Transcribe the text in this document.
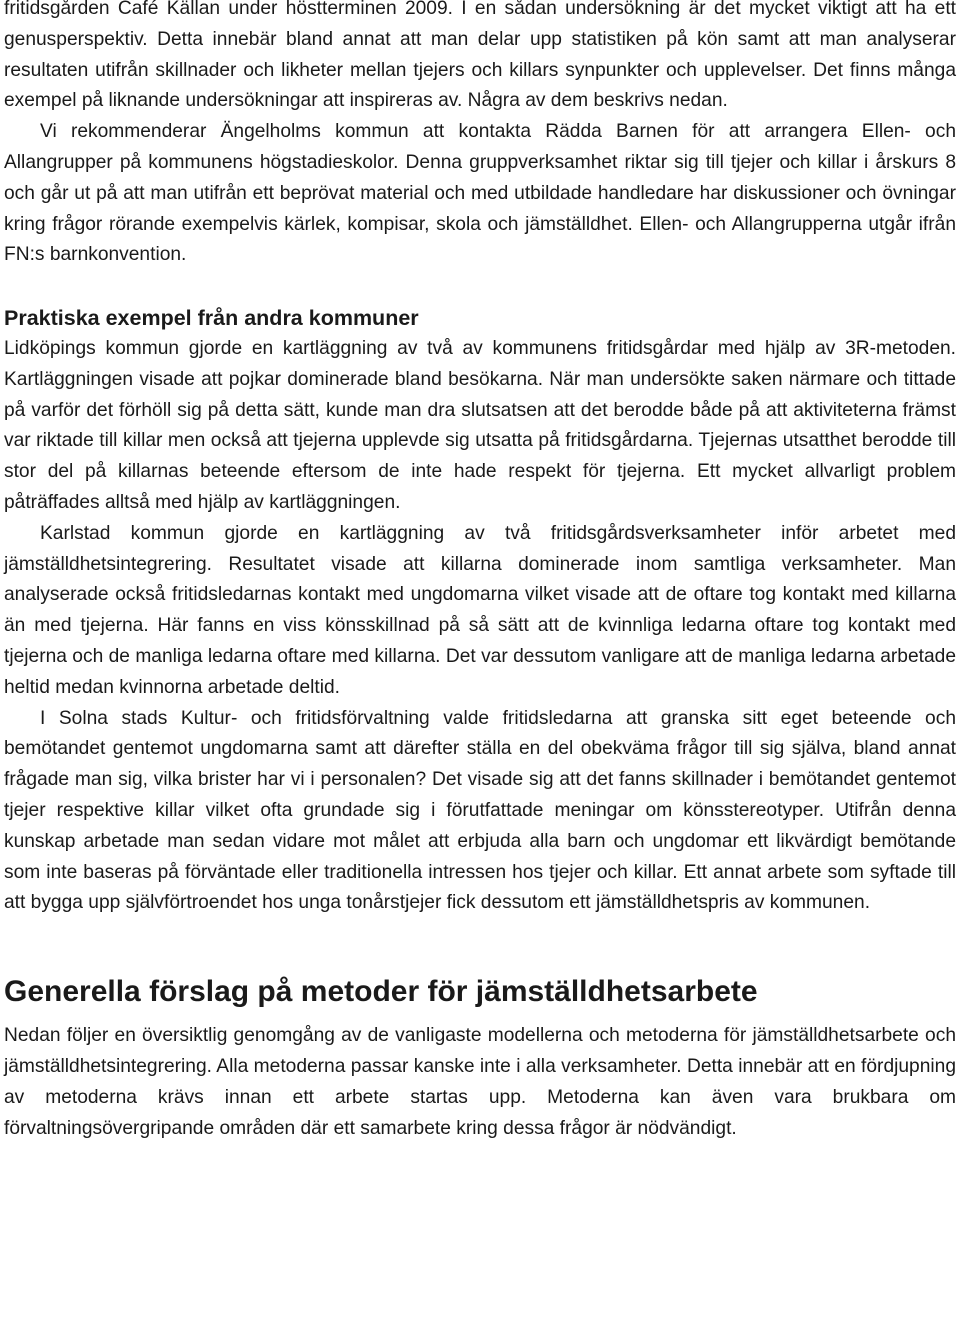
fritidsgården Café Källan under höstterminen 2009. I en sådan undersökning är det mycket viktigt att ha ett genusperspektiv. Detta innebär bland annat att man delar upp statistiken på kön samt att man analyserar resultaten utifrån skillnader och likheter mellan tjejers och killars synpunkter och upplevelser. Det finns många exempel på liknande undersökningar att inspireras av. Några av dem beskrivs nedan.

Vi rekommenderar Ängelholms kommun att kontakta Rädda Barnen för att arrangera Ellen- och Allangrupper på kommunens högstadieskolor. Denna gruppverksamhet riktar sig till tjejer och killar i årskurs 8 och går ut på att man utifrån ett beprövat material och med utbildade handledare har diskussioner och övningar kring frågor rörande exempelvis kärlek, kompisar, skola och jämställdhet. Ellen- och Allangrupperna utgår ifrån FN:s barnkonvention.

Praktiska exempel från andra kommuner

Lidköpings kommun gjorde en kartläggning av två av kommunens fritidsgårdar med hjälp av 3R-metoden. Kartläggningen visade att pojkar dominerade bland besökarna. När man undersökte saken närmare och tittade på varför det förhöll sig på detta sätt, kunde man dra slutsatsen att det berodde både på att aktiviteterna främst var riktade till killar men också att tjejerna upplevde sig utsatta på fritidsgårdarna. Tjejernas utsatthet berodde till stor del på killarnas beteende eftersom de inte hade respekt för tjejerna. Ett mycket allvarligt problem påträffades alltså med hjälp av kartläggningen.

Karlstad kommun gjorde en kartläggning av två fritidsgårdsverksamheter inför arbetet med jämställdhetsintegrering. Resultatet visade att killarna dominerade inom samtliga verksamheter. Man analyserade också fritidsledarnas kontakt med ungdomarna vilket visade att de oftare tog kontakt med killarna än med tjejerna. Här fanns en viss könsskillnad på så sätt att de kvinnliga ledarna oftare tog kontakt med tjejerna och de manliga ledarna oftare med killarna. Det var dessutom vanligare att de manliga ledarna arbetade heltid medan kvinnorna arbetade deltid.

I Solna stads Kultur- och fritidsförvaltning valde fritidsledarna att granska sitt eget beteende och bemötandet gentemot ungdomarna samt att därefter ställa en del obekväma frågor till sig själva, bland annat frågade man sig, vilka brister har vi i personalen? Det visade sig att det fanns skillnader i bemötandet gentemot tjejer respektive killar vilket ofta grundade sig i förutfattade meningar om könsstereotyper. Utifrån denna kunskap arbetade man sedan vidare mot målet att erbjuda alla barn och ungdomar ett likvärdigt bemötande som inte baseras på förväntade eller traditionella intressen hos tjejer och killar. Ett annat arbete som syftade till att bygga upp självförtroendet hos unga tonårstjejer fick dessutom ett jämställdhetspris av kommunen.

Generella förslag på metoder för jämställdhetsarbete

Nedan följer en översiktlig genomgång av de vanligaste modellerna och metoderna för jämställdhetsarbete och jämställdhetsintegrering. Alla metoderna passar kanske inte i alla verksamheter. Detta innebär att en fördjupning av metoderna krävs innan ett arbete startas upp. Metoderna kan även vara brukbara om förvaltningsövergripande områden där ett samarbete kring dessa frågor är nödvändigt.
